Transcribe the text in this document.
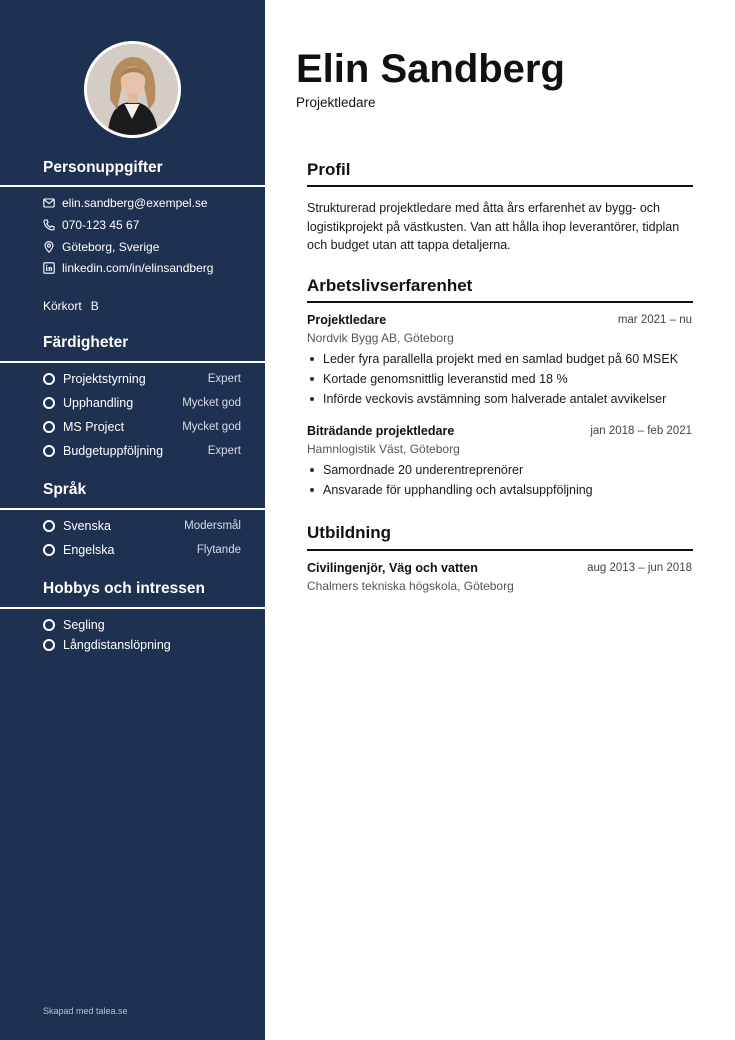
Personuppgifter
elin.sandberg@exempel.se
070-123 45 67
Göteborg, Sverige
linkedin.com/in/elinsandberg
Körkort B
Färdigheter
Projektstyrning	Expert
Upphandling	Mycket god
MS Project	Mycket god
Budgetuppföljning	Expert
Språk
Svenska	Modersmål
Engelska	Flytande
Hobbys och intressen
Segling
Långdistanslöpning
Skapad med talea.se
Elin Sandberg
Projektledare
Profil

Strukturerad projektledare med åtta års erfarenhet av bygg- och logistikprojekt på västkusten. Van att hålla ihop leverantörer, tidplan och budget utan att tappa detaljerna.

Arbetslivserfarenhet
Projektledare	mar 2021 – nu
Nordvik Bygg AB, Göteborg
Leder fyra parallella projekt med en samlad budget på 60 MSEK
Kortade genomsnittlig leveranstid med 18 %
Införde veckovis avstämning som halverade antalet avvikelser
Biträdande projektledare	jan 2018 – feb 2021
Hamnlogistik Väst, Göteborg
Samordnade 20 underentreprenörer
Ansvarade för upphandling och avtalsuppföljning
Utbildning
Civilingenjör, Väg och vatten	aug 2013 – jun 2018
Chalmers tekniska högskola, Göteborg
